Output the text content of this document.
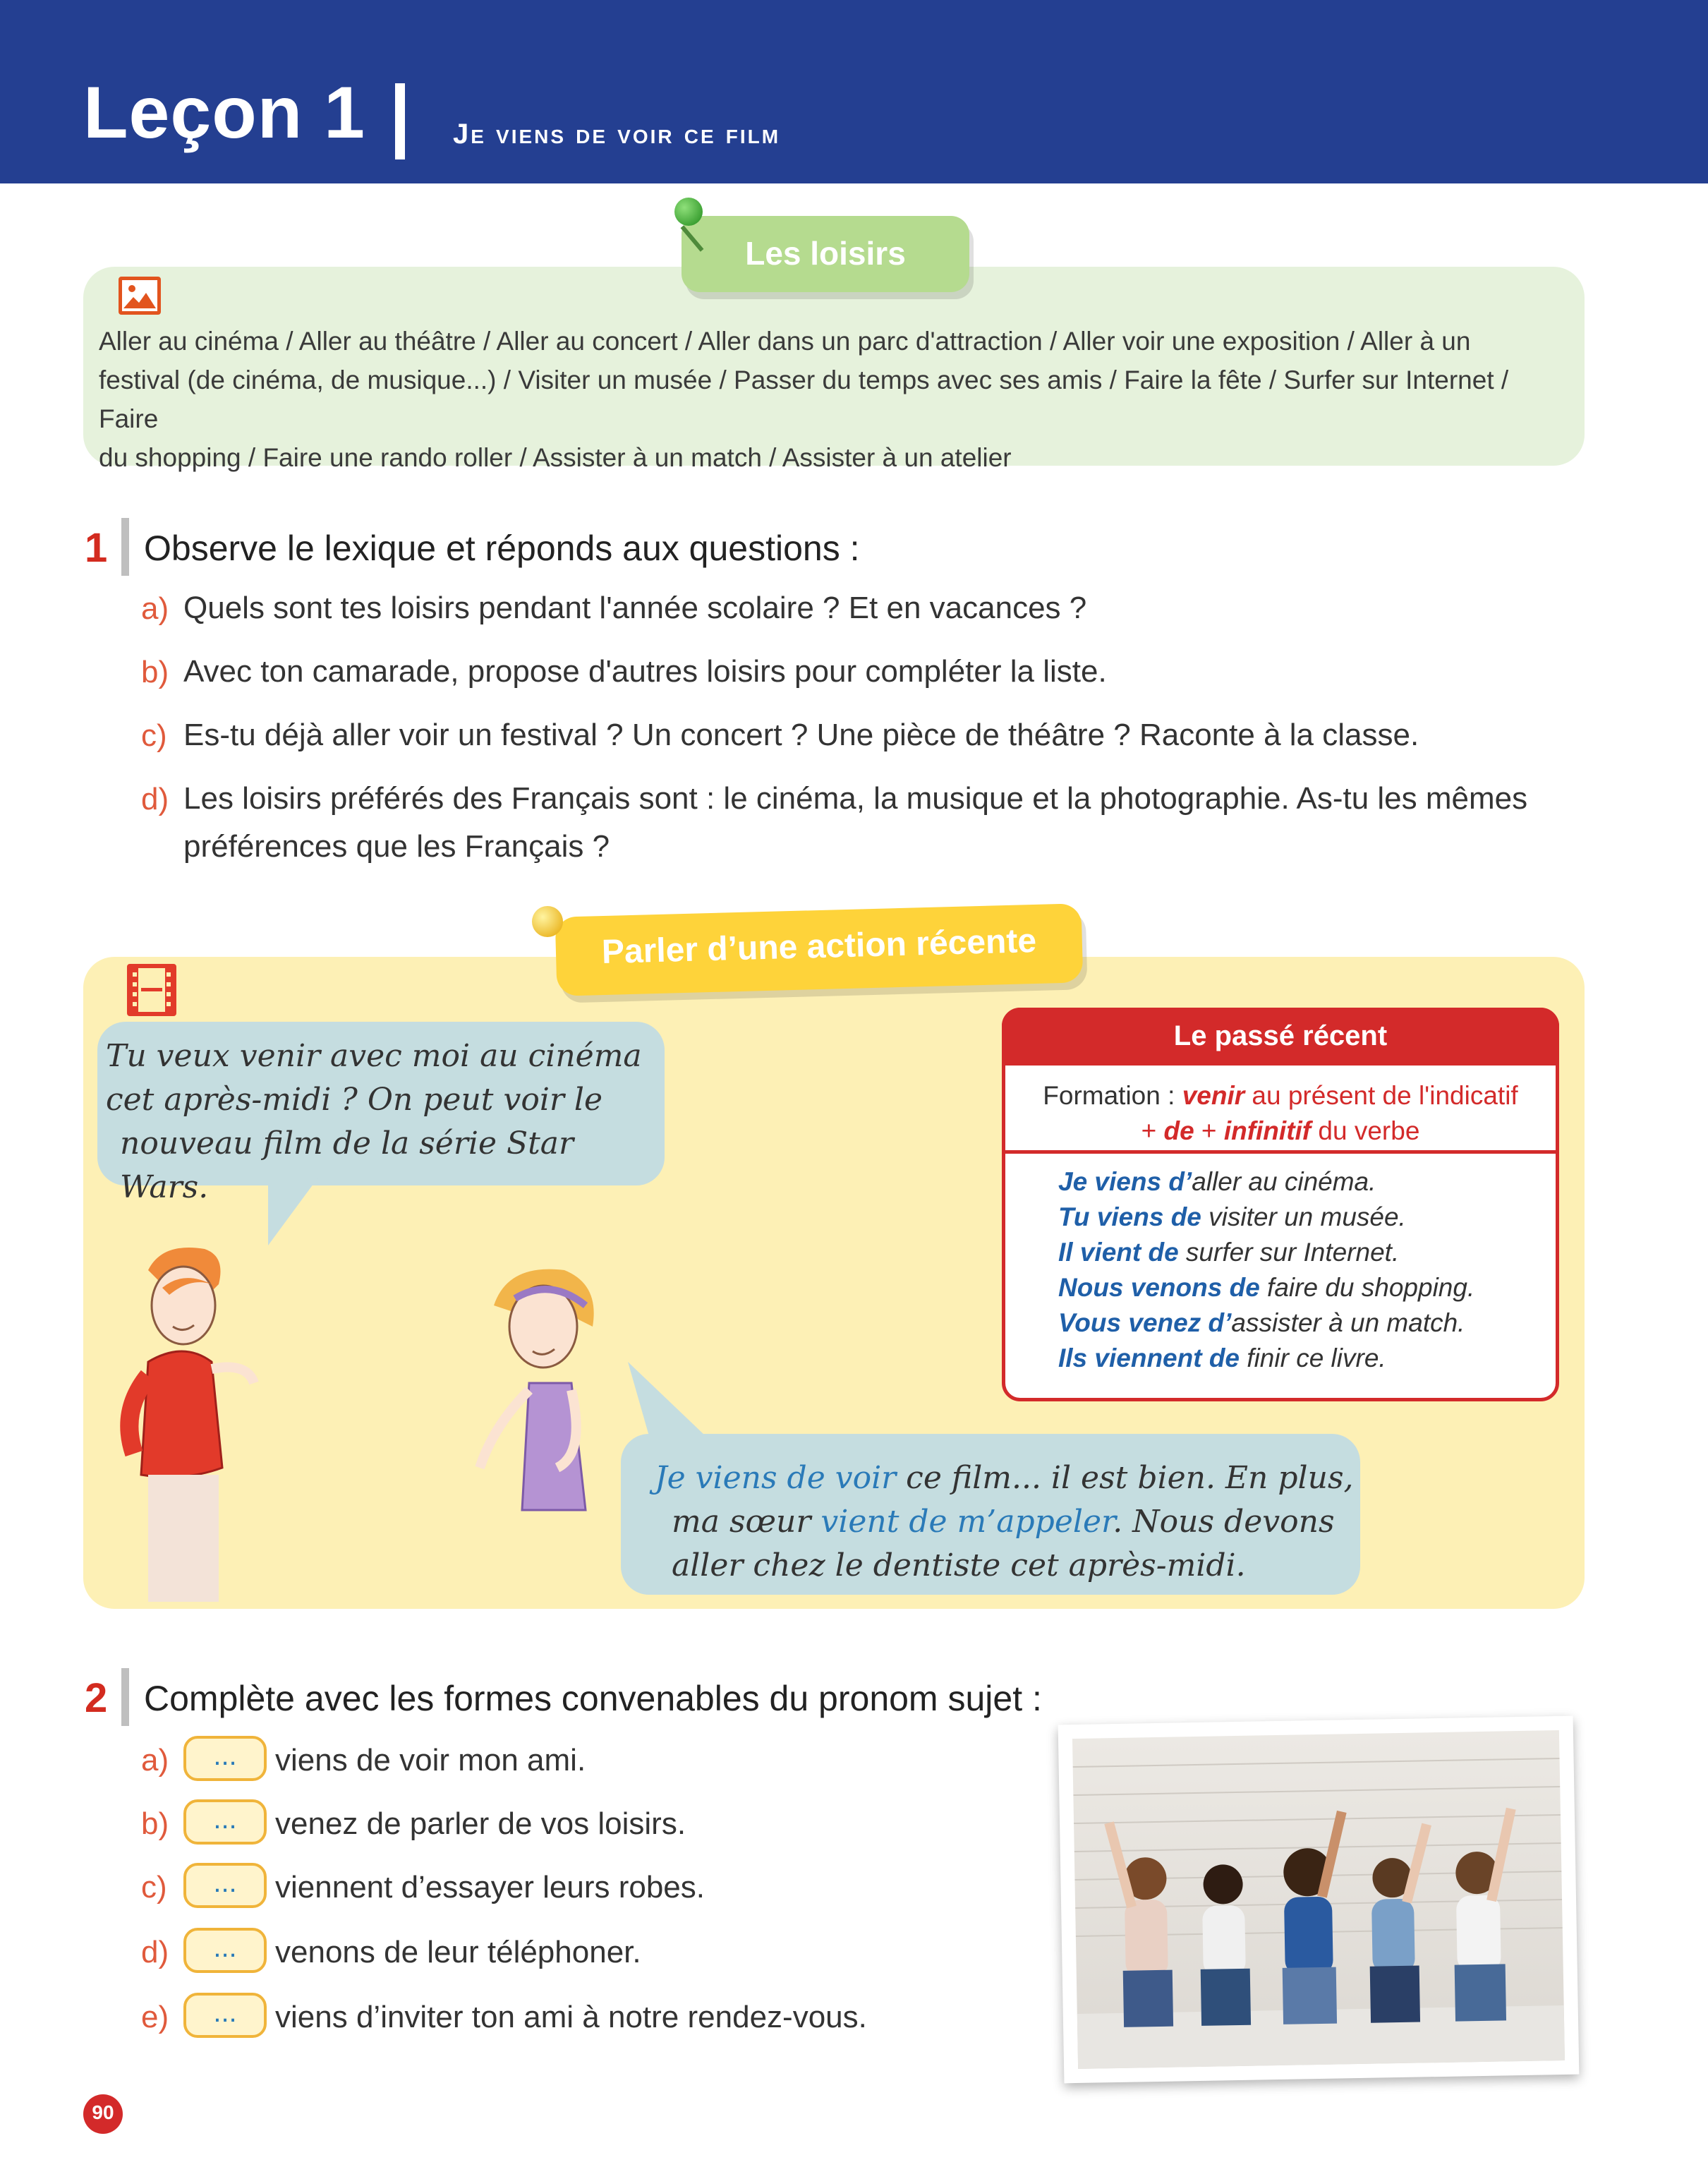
Leçon 1	Je viens de voir ce film
Les loisirs
Aller au cinéma / Aller au théâtre / Aller au concert / Aller dans un parc d'attraction / Aller voir une exposition / Aller à un
festival (de cinéma, de musique...) / Visiter un musée / Passer du temps avec ses amis / Faire la fête / Surfer sur Internet / Faire
du shopping / Faire une rando roller / Assister à un match / Assister à un atelier
1 Observe le lexique et réponds aux questions :
a) Quels sont tes loisirs pendant l'année scolaire ? Et en vacances ?
b) Avec ton camarade, propose d'autres loisirs pour compléter la liste.
c) Es-tu déjà aller voir un festival ? Un concert ? Une pièce de théâtre ? Raconte à la classe.
d) Les loisirs préférés des Français sont : le cinéma, la musique et la photographie. As-tu les mêmes
préférences que les Français ?
Parler d’une action récente
Tu veux venir avec moi au cinéma
cet après-midi ? On peut voir le
nouveau film de la série Star Wars.
Je viens de voir ce film... il est bien. En plus,
ma sœur vient de m’appeler. Nous devons
aller chez le dentiste cet après-midi.
Le passé récent
Formation : venir au présent de l'indicatif
+ de + infinitif du verbe
Je viens d’aller au cinéma.
Tu viens de visiter un musée.
Il vient de surfer sur Internet.
Nous venons de faire du shopping.
Vous venez d’assister à un match.
Ils viennent de finir ce livre.
2 Complète avec les formes convenables du pronom sujet :
a)	...	viens de voir mon ami.
b)	...	venez de parler de vos loisirs.
c)	...	viennent d’essayer leurs robes.
d)	...	venons de leur téléphoner.
e)	...	viens d’inviter ton ami à notre rendez-vous.
90
